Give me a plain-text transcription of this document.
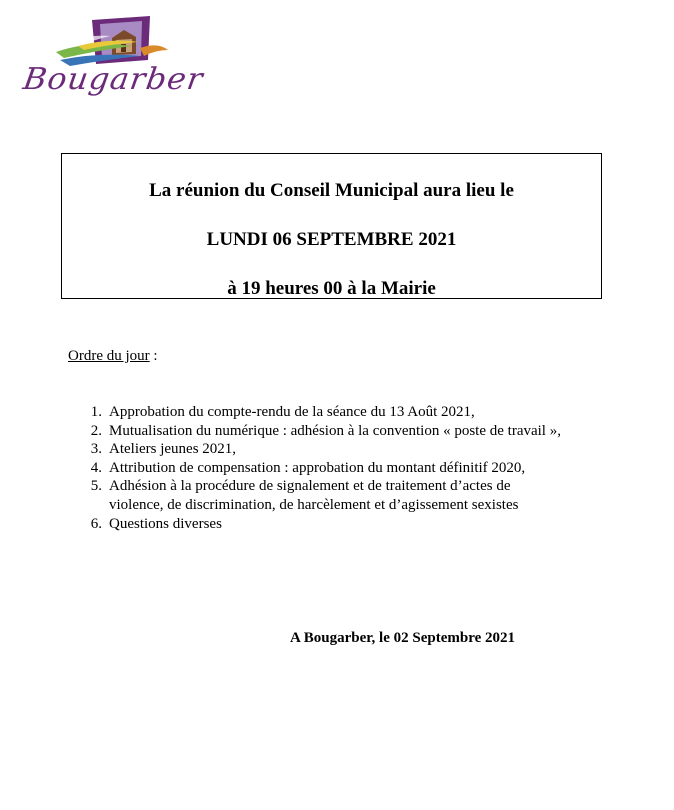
Bougarber
La réunion du Conseil Municipal aura lieu le
LUNDI 06 SEPTEMBRE 2021
à 19 heures 00 à la Mairie
Ordre du jour :
1. Approbation du compte-rendu de la séance du 13 Août 2021,
2. Mutualisation du numérique : adhésion à la convention « poste de travail »,
3. Ateliers jeunes 2021,
4. Attribution de compensation : approbation du montant définitif 2020,
5. Adhésion à la procédure de signalement et de traitement d’actes de
violence, de discrimination, de harcèlement et d’agissement sexistes
6. Questions diverses
A Bougarber, le 02 Septembre 2021
